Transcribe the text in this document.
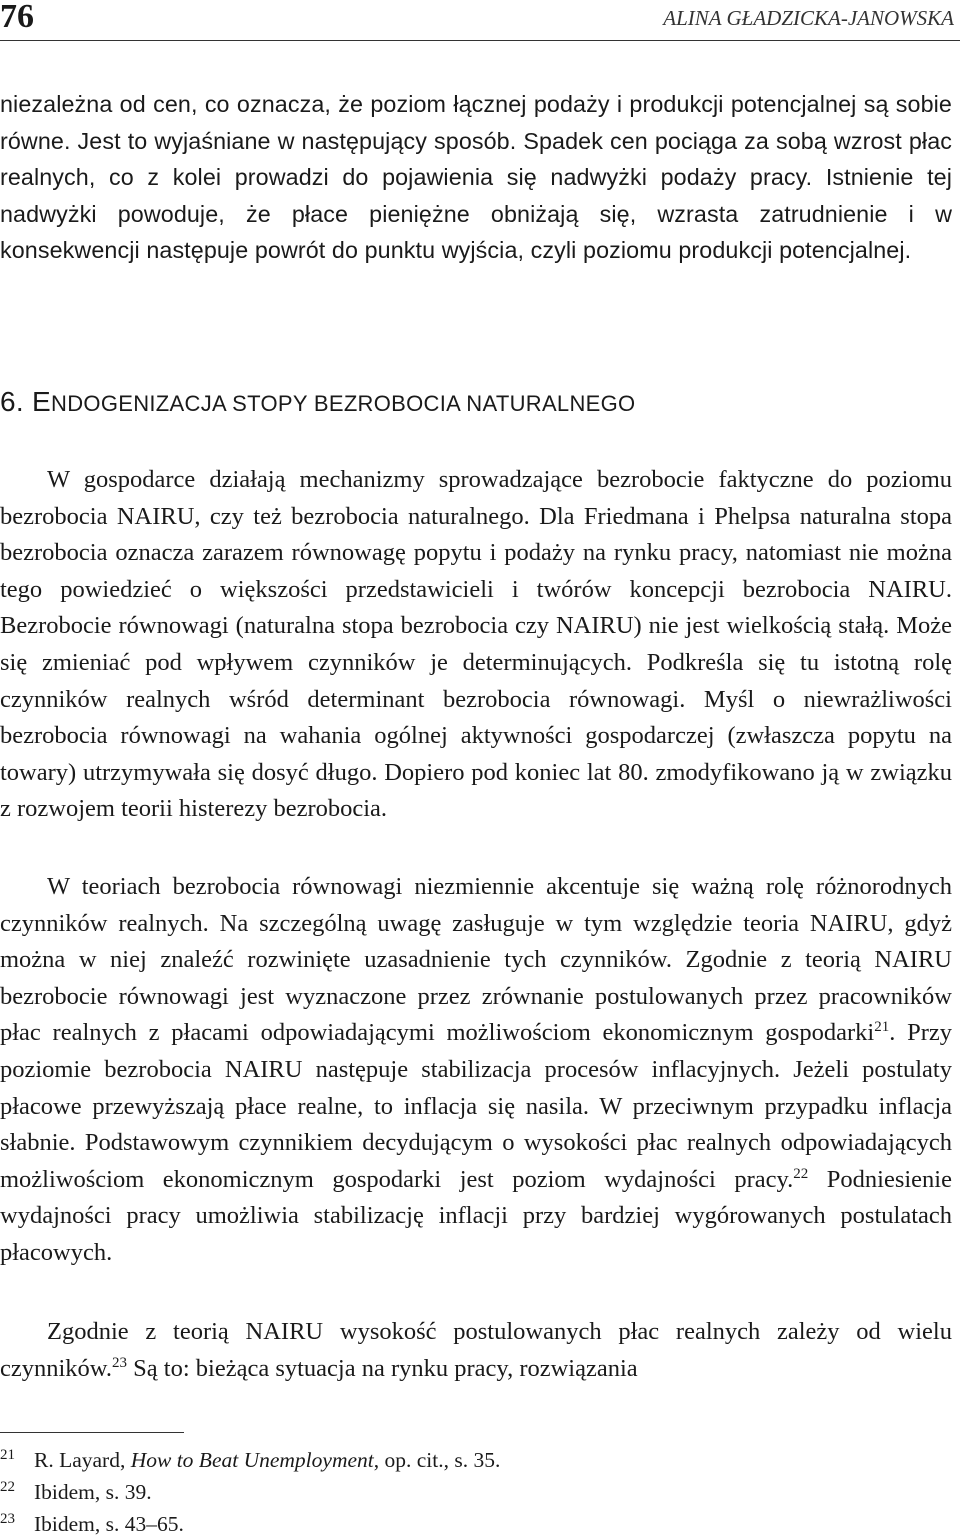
76	ALINA GŁADZICKA-JANOWSKA

niezależna od cen, co oznacza, że poziom łącznej podaży i produkcji potencjalnej są sobie równe. Jest to wyjaśniane w następujący sposób. Spadek cen pociąga za sobą wzrost płac realnych, co z kolei prowadzi do pojawienia się nadwyżki podaży pracy. Istnienie tej nadwyżki powoduje, że płace pieniężne obniżają się, wzrasta zatrudnienie i w konsekwencji następuje powrót do punktu wyjścia, czyli poziomu produkcji potencjalnej.

6. ENDOGENIZACJA STOPY BEZROBOCIA NATURALNEGO

W gospodarce działają mechanizmy sprowadzające bezrobocie faktyczne do poziomu bezrobocia NAIRU, czy też bezrobocia naturalnego. Dla Friedmana i Phelpsa naturalna stopa bezrobocia oznacza zarazem równowagę popytu i podaży na rynku pracy, natomiast nie można tego powiedzieć o większości przedstawicieli i twórów koncepcji bezrobocia NAIRU. Bezrobocie równowagi (naturalna stopa bezrobocia czy NAIRU) nie jest wielkością stałą. Może się zmieniać pod wpływem czynników je determinujących. Podkreśla się tu istotną rolę czynników realnych wśród determinant bezrobocia równowagi. Myśl o niewrażliwości bezrobocia równowagi na wahania ogólnej aktywności gospodarczej (zwłaszcza popytu na towary) utrzymywała się dosyć długo. Dopiero pod koniec lat 80. zmodyfikowano ją w związku z rozwojem teorii histerezy bezrobocia.

W teoriach bezrobocia równowagi niezmiennie akcentuje się ważną rolę różnorodnych czynników realnych. Na szczególną uwagę zasługuje w tym względzie teoria NAIRU, gdyż można w niej znaleźć rozwinięte uzasadnienie tych czynników. Zgodnie z teorią NAIRU bezrobocie równowagi jest wyznaczone przez zrównanie postulowanych przez pracowników płac realnych z płacami odpowiadającymi możliwościom ekonomicznym gospodarki$^{21}$. Przy poziomie bezrobocia NAIRU następuje stabilizacja procesów inflacyjnych. Jeżeli postulaty płacowe przewyższają płace realne, to inflacja się nasila. W przeciwnym przypadku inflacja słabnie. Podstawowym czynnikiem decydującym o wysokości płac realnych odpowiadających możliwościom ekonomicznym gospodarki jest poziom wydajności pracy.$^{22}$ Podniesienie wydajności pracy umożliwia stabilizację inflacji przy bardziej wygórowanych postulatach płacowych.

Zgodnie z teorią NAIRU wysokość postulowanych płac realnych zależy od wielu czynników.$^{23}$ Są to: bieżąca sytuacja na rynku pracy, rozwiązania

21 R. Layard, How to Beat Unemployment, op. cit., s. 35.
22 Ibidem, s. 39.
23 Ibidem, s. 43–65.
